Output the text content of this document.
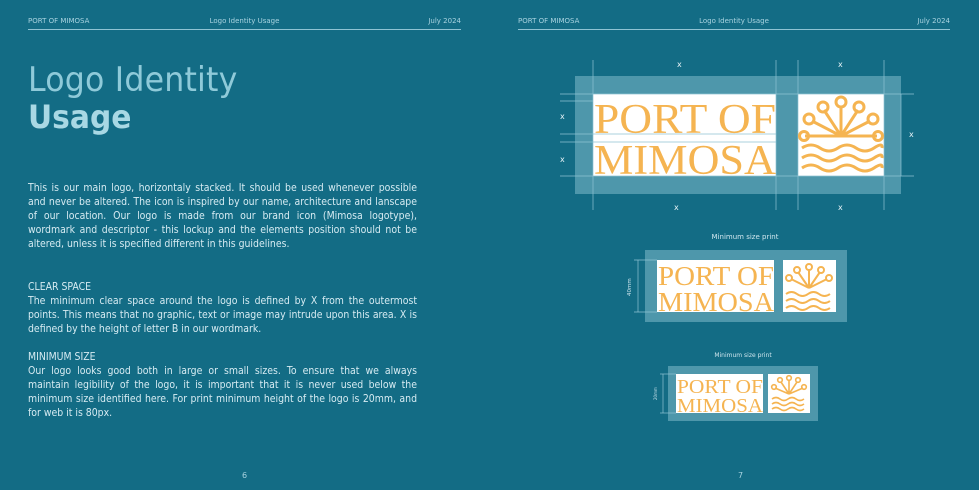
PORT OF MIMOSA	Logo Identity Usage	July 2024
Logo Identity
Usage

This is our main logo, horizontaly stacked. It should be used whenever possible and never be altered. The icon is inspired by our name, architecture and lanscape of our location. Our logo is made from our brand icon (Mimosa logotype), wordmark and descriptor - this lockup and the elements position should not be altered, unless it is specified different in this guidelines.

CLEAR SPACE

The minimum clear space around the logo is defined by X from the outermost points. This means that no graphic, text or image may intrude upon this area. X is defined by the height of letter B in our wordmark.

MINIMUM SIZE

Our logo looks good both in large or small sizes. To ensure that we always maintain legibility of the logo, it is important that it is never used below the minimum size identified here. For print minimum height of the logo is 20mm, and for web it is 80px.

6
PORT OF MIMOSA	Logo Identity Usage	July 2024
PORT OF
MIMOSA
x	x
x
x
x
x	x
Minimum size print
PORT OF
MIMOSA
40mm
Minimum size print
PORT OF
MIMOSA
20mm
7
